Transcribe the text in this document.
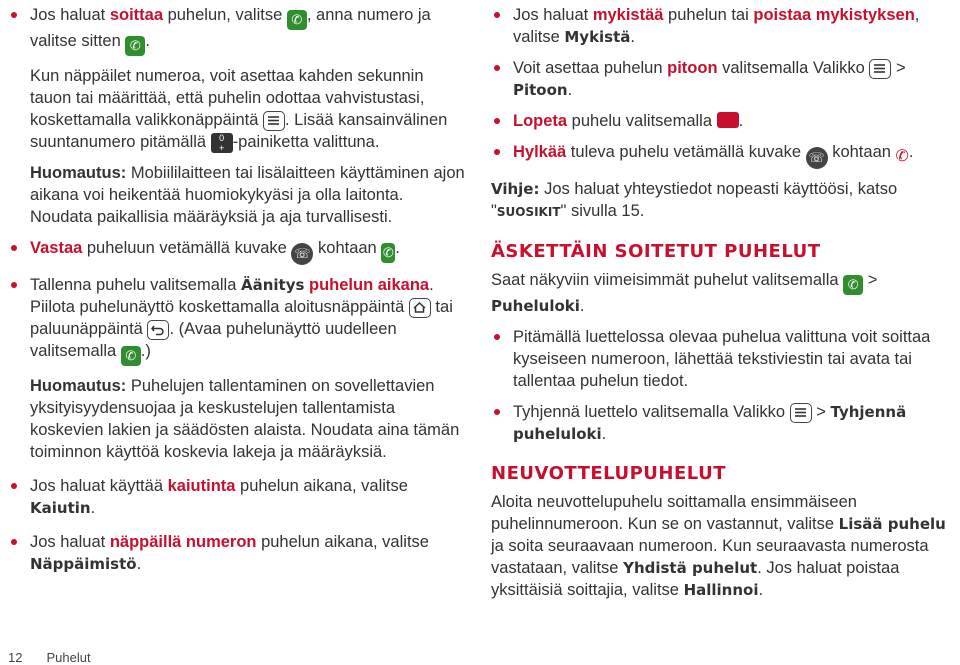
Jos haluat soittaa puhelun, valitse ✆ , anna numero ja valitse sitten ✆ .

Kun näppäilet numeroa, voit asettaa kahden sekunnin tauon tai määrittää, että puhelin odottaa vahvistustasi, koskettamalla valikkonäppäintä . Lisää kansainvälinen suuntanumero pitämällä 0
+ -painiketta valittuna.

Huomautus: Mobiililaitteen tai lisälaitteen käyttäminen ajon aikana voi heikentää huomiokykyäsi ja olla laitonta. Noudata paikallisia määräyksiä ja aja turvallisesti.

Vastaa puheluun vetämällä kuvake ☏ kohtaan ✆.

Tallenna puhelu valitsemalla Äänitys puhelun aikana.

Piilota puhelunäyttö koskettamalla aloitusnäppäintä  tai paluunäppäintä . (Avaa puhelunäyttö uudelleen valitsemalla ✆ .)

Huomautus: Puhelujen tallentaminen on sovellettavien yksityisyydensuojaa ja keskustelujen tallentamista koskevien lakien ja säädösten alaista. Noudata aina tämän toiminnon käyttöä koskevia lakeja ja määräyksiä.

Jos haluat käyttää kaiutinta puhelun aikana, valitse Kaiutin.

Jos haluat näppäillä numeron puhelun aikana, valitse Näppäimistö.

Jos haluat mykistää puhelun tai poistaa mykistyksen, valitse Mykistä.

Voit asettaa puhelun pitoon valitsemalla Valikko  > Pitoon.

Lopeta puhelu valitsemalla .

Hylkää tuleva puhelu vetämällä kuvake ☏ kohtaan ✆.

Vihje: Jos haluat yhteystiedot nopeasti käyttöösi, katso "SUOSIKIT" sivulla 15.

ÄSKETTÄIN SOITETUT PUHELUT

Saat näkyviin viimeisimmät puhelut valitsemalla ✆ > Puheluloki.

Pitämällä luettelossa olevaa puhelua valittuna voit soittaa kyseiseen numeroon, lähettää tekstiviestin tai avata tai tallentaa puhelun tiedot.

Tyhjennä luettelo valitsemalla Valikko  > Tyhjennä puheluloki.

NEUVOTTELUPUHELUT

Aloita neuvottelupuhelu soittamalla ensimmäiseen puhelinnumeroon. Kun se on vastannut, valitse Lisää puhelu ja soita seuraavaan numeroon. Kun seuraavasta numerosta vastataan, valitse Yhdistä puhelut. Jos haluat poistaa yksittäisiä soittajia, valitse Hallinnoi.

12 Puhelut
